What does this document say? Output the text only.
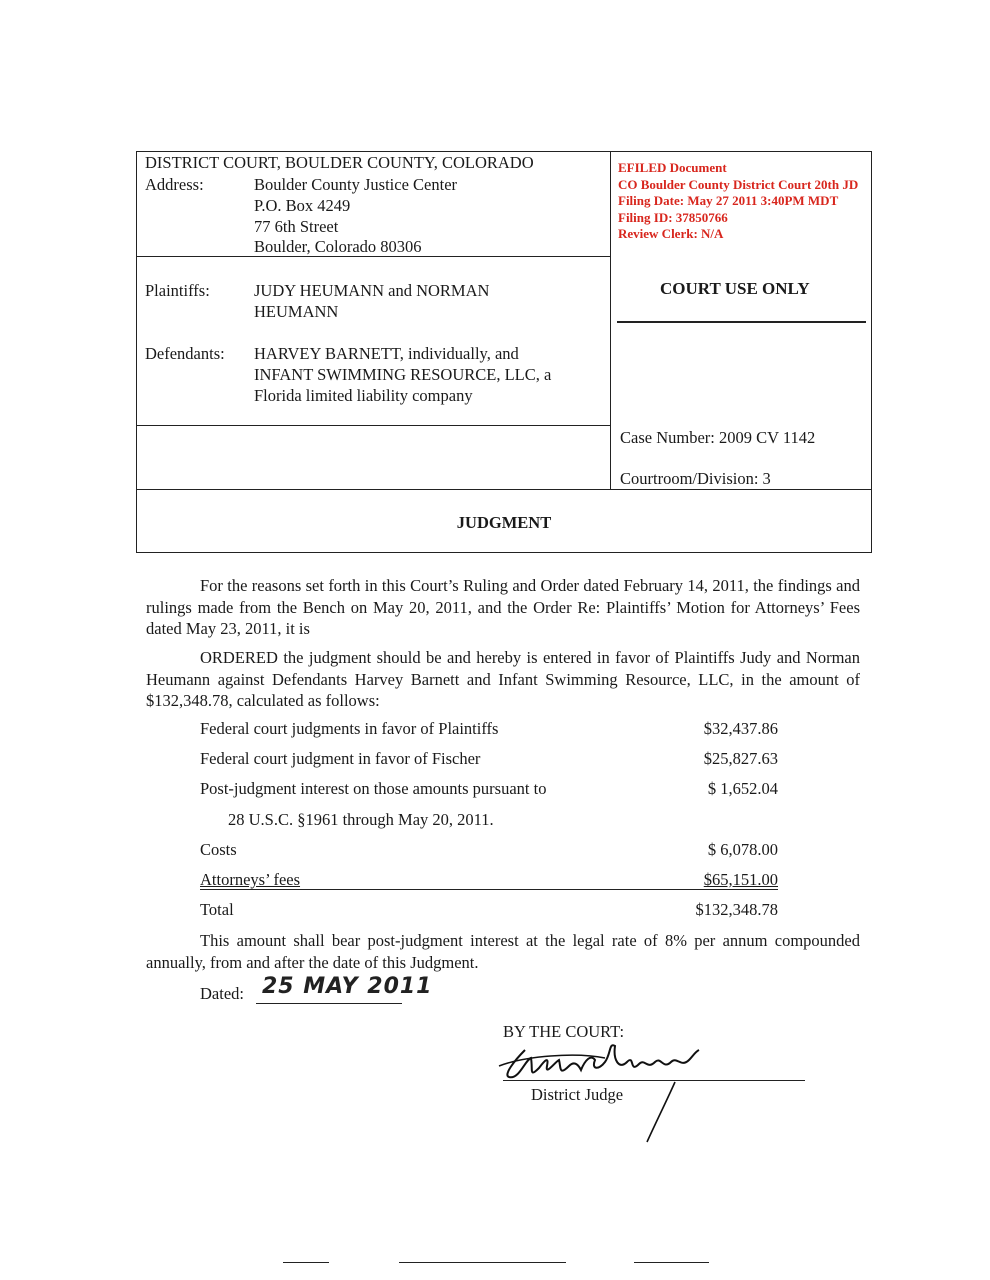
DISTRICT COURT, BOULDER COUNTY, COLORADO
Address:	Boulder County Justice Center
P.O. Box 4249
77 6th Street
Boulder, Colorado 80306
Plaintiffs:	JUDY HEUMANN and NORMAN
HEUMANN
Defendants: HARVEY BARNETT, individually, and
INFANT SWIMMING RESOURCE, LLC, a
Florida limited liability company
EFILED Document
CO Boulder County District Court 20th JD
Filing Date: May 27 2011 3:40PM MDT
Filing ID: 37850766
Review Clerk: N/A
COURT USE ONLY
Case Number: 2009 CV 1142
Courtroom/Division: 3
JUDGMENT
For the reasons set forth in this Court’s Ruling and Order dated February 14, 2011, the findings and rulings made from the Bench on May 20, 2011, and the Order Re: Plaintiffs’ Motion for Attorneys’ Fees dated May 23, 2011, it is
ORDERED the judgment should be and hereby is entered in favor of Plaintiffs Judy and Norman Heumann against Defendants Harvey Barnett and Infant Swimming Resource, LLC, in the amount of $132,348.78, calculated as follows:
Federal court judgments in favor of Plaintiffs	$32,437.86
Federal court judgment in favor of Fischer	$25,827.63
Post-judgment interest on those amounts pursuant to	$ 1,652.04
28 U.S.C. §1961 through May 20, 2011.
Costs	$ 6,078.00
Attorneys’ fees	$65,151.00
Total	$132,348.78
This amount shall bear post-judgment interest at the legal rate of 8% per annum compounded annually, from and after the date of this Judgment.
Dated: 25 MAY 2011
BY THE COURT:
District Judge
